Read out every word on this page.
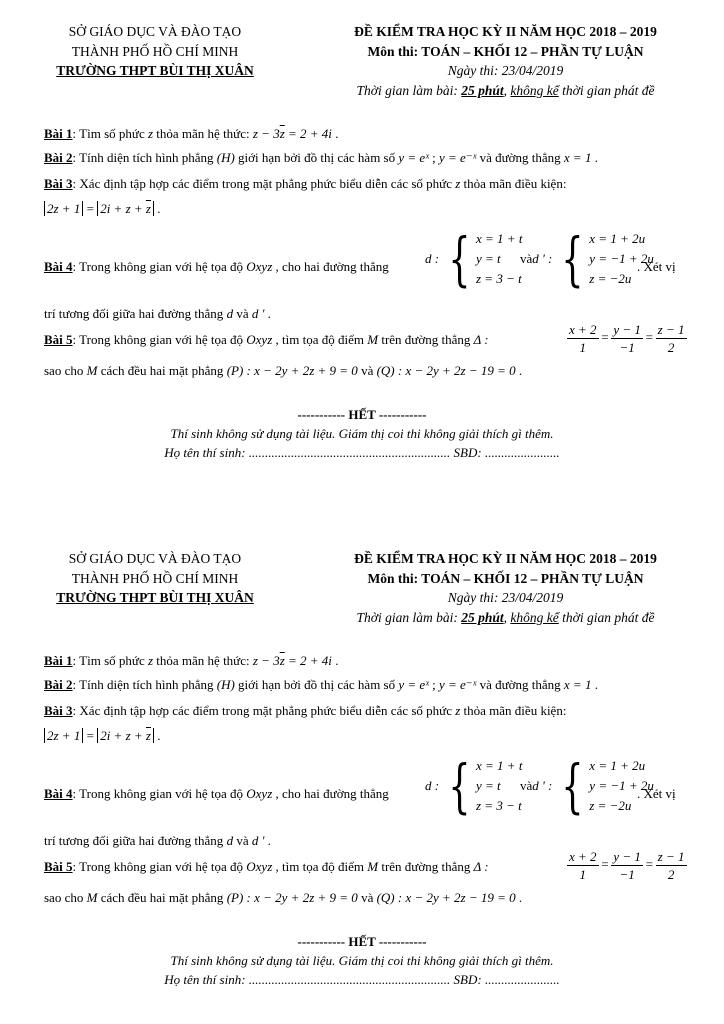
SỞ GIÁO DỤC VÀ ĐÀO TẠO
THÀNH PHỐ HỒ CHÍ MINH
TRƯỜNG THPT BÙI THỊ XUÂN
ĐỀ KIỂM TRA HỌC KỲ II NĂM HỌC 2018 – 2019
Môn thi: TOÁN – KHỐI 12 – PHẦN TỰ LUẬN
Ngày thi: 23/04/2019
Thời gian làm bài: 25 phút, không kể thời gian phát đề
Bài 1: Tìm số phức z thỏa mãn hệ thức: $z - 3\overline{z} = 2 + 4i$ .
Bài 2: Tính diện tích hình phẳng (H) giới hạn bởi đồ thị các hàm số y = eˣ ; y = e⁻ˣ và đường thẳng x = 1 .
Bài 3: Xác định tập hợp các điểm trong mặt phẳng phức biểu diễn các số phức z thỏa mãn điều kiện:
$2z + 1 = 2i + z + \overline{z}$ .
Bài 4: Trong không gian với hệ tọa độ Oxyz , cho hai đường thẳng
d : { x = 1 + t
y = t
z = 3 − t
và d ' : { x = 1 + 2u
y = −1 + 2u
z = −2u
. Xét vị
trí tương đối giữa hai đường thẳng d và d ' .
Bài 5: Trong không gian với hệ tọa độ Oxyz , tìm tọa độ điểm M trên đường thẳng Δ :	$\frac{x + 2}{1} = \frac{y - 1}{-1} = \frac{z - 1}{2}$
sao cho M cách đều hai mặt phẳng (P) : x − 2y + 2z + 9 = 0 và (Q) : x − 2y + 2z − 19 = 0 .
----------- HẾT -----------
Thí sinh không sử dụng tài liệu. Giám thị coi thi không giải thích gì thêm.
Họ tên thí sinh: .............................................................. SBD: .......................
SỞ GIÁO DỤC VÀ ĐÀO TẠO
THÀNH PHỐ HỒ CHÍ MINH
TRƯỜNG THPT BÙI THỊ XUÂN
ĐỀ KIỂM TRA HỌC KỲ II NĂM HỌC 2018 – 2019
Môn thi: TOÁN – KHỐI 12 – PHẦN TỰ LUẬN
Ngày thi: 23/04/2019
Thời gian làm bài: 25 phút, không kể thời gian phát đề
Bài 1: Tìm số phức z thỏa mãn hệ thức: $z - 3\overline{z} = 2 + 4i$ .
Bài 2: Tính diện tích hình phẳng (H) giới hạn bởi đồ thị các hàm số y = eˣ ; y = e⁻ˣ và đường thẳng x = 1 .
Bài 3: Xác định tập hợp các điểm trong mặt phẳng phức biểu diễn các số phức z thỏa mãn điều kiện:
$2z + 1 = 2i + z + \overline{z}$ .
Bài 4: Trong không gian với hệ tọa độ Oxyz , cho hai đường thẳng
d : { x = 1 + t
y = t
z = 3 − t
và d ' : { x = 1 + 2u
y = −1 + 2u
z = −2u
. Xét vị
trí tương đối giữa hai đường thẳng d và d ' .
Bài 5: Trong không gian với hệ tọa độ Oxyz , tìm tọa độ điểm M trên đường thẳng Δ :	$\frac{x + 2}{1} = \frac{y - 1}{-1} = \frac{z - 1}{2}$
sao cho M cách đều hai mặt phẳng (P) : x − 2y + 2z + 9 = 0 và (Q) : x − 2y + 2z − 19 = 0 .
----------- HẾT -----------
Thí sinh không sử dụng tài liệu. Giám thị coi thi không giải thích gì thêm.
Họ tên thí sinh: .............................................................. SBD: .......................
